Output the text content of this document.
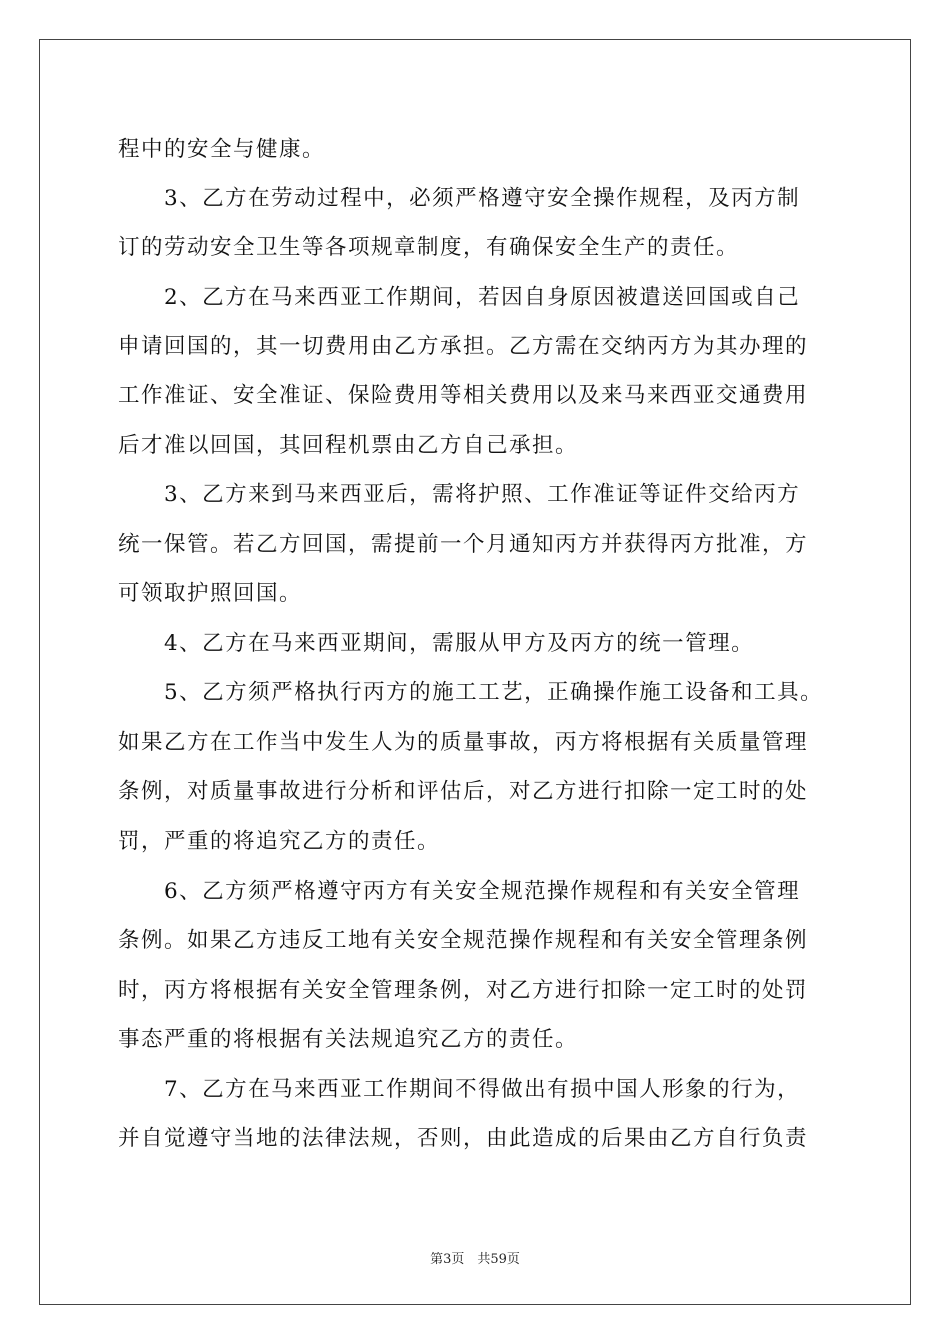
程中的安全与健康。
3、乙方在劳动过程中，必须严格遵守安全操作规程，及丙方制
订的劳动安全卫生等各项规章制度，有确保安全生产的责任。
2、乙方在马来西亚工作期间，若因自身原因被遣送回国或自己
申请回国的，其一切费用由乙方承担。乙方需在交纳丙方为其办理的
工作准证、安全准证、保险费用等相关费用以及来马来西亚交通费用
后才准以回国，其回程机票由乙方自己承担。
3、乙方来到马来西亚后，需将护照、工作准证等证件交给丙方
统一保管。若乙方回国，需提前一个月通知丙方并获得丙方批准，方
可领取护照回国。
4、乙方在马来西亚期间，需服从甲方及丙方的统一管理。
5、乙方须严格执行丙方的施工工艺，正确操作施工设备和工具。
如果乙方在工作当中发生人为的质量事故，丙方将根据有关质量管理
条例，对质量事故进行分析和评估后，对乙方进行扣除一定工时的处
罚，严重的将追究乙方的责任。
6、乙方须严格遵守丙方有关安全规范操作规程和有关安全管理
条例。如果乙方违反工地有关安全规范操作规程和有关安全管理条例
时，丙方将根据有关安全管理条例，对乙方进行扣除一定工时的处罚
事态严重的将根据有关法规追究乙方的责任。
7、乙方在马来西亚工作期间不得做出有损中国人形象的行为，
并自觉遵守当地的法律法规，否则，由此造成的后果由乙方自行负责
第3页　共59页
